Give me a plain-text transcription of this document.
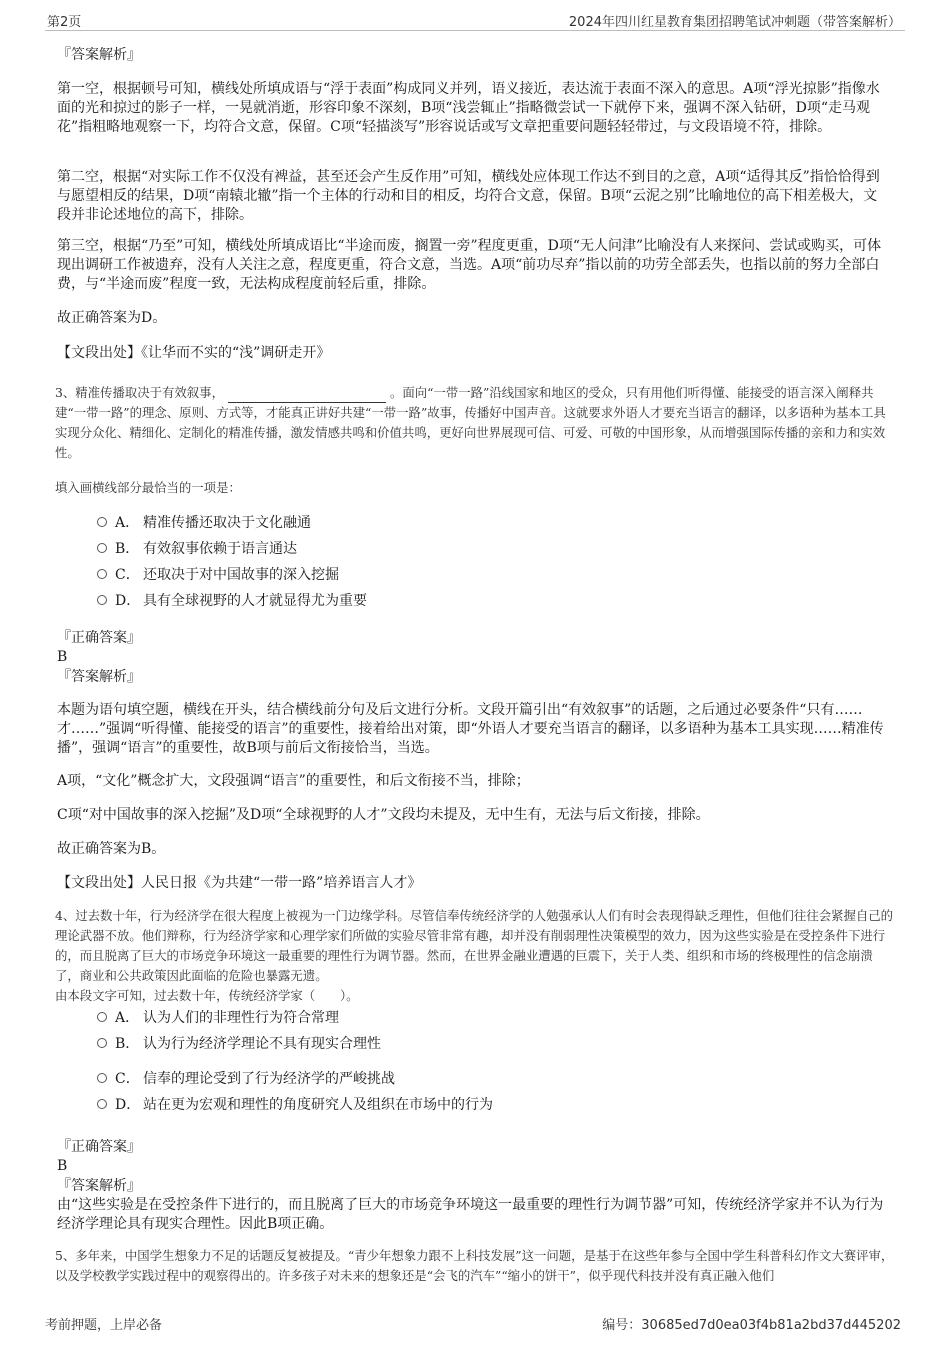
第2页	2024年四川红星教育集团招聘笔试冲刺题（带答案解析）
『答案解析』
第一空，根据顿号可知，横线处所填成语与“浮于表面”构成同义并列，语义接近，表达流于表面不深入的意思。A项“浮光掠影”指像水面的光和掠过的影子一样，一晃就消逝，形容印象不深刻，B项“浅尝辄止”指略微尝试一下就停下来，强调不深入钻研，D项“走马观花”指粗略地观察一下，均符合文意，保留。C项“轻描淡写”形容说话或写文章把重要问题轻轻带过，与文段语境不符，排除。
第二空，根据“对实际工作不仅没有裨益，甚至还会产生反作用”可知，横线处应体现工作达不到目的之意，A项“适得其反”指恰恰得到与愿望相反的结果，D项“南辕北辙”指一个主体的行动和目的相反，均符合文意，保留。B项“云泥之别”比喻地位的高下相差极大，文段并非论述地位的高下，排除。
第三空，根据“乃至”可知，横线处所填成语比“半途而废，搁置一旁”程度更重，D项“无人问津”比喻没有人来探问、尝试或购买，可体现出调研工作被遗弃，没有人关注之意，程度更重，符合文意，当选。A项“前功尽弃”指以前的功劳全部丢失，也指以前的努力全部白费，与“半途而废”程度一致，无法构成程度前轻后重，排除。
故正确答案为D。
【文段出处】《让华而不实的“浅”调研走开》
3、精准传播取决于有效叙事，	。面向“一带一路”沿线国家和地区的受众，只有用他们听得懂、能接受的语言深入阐释共建“一带一路”的理念、原则、方式等，才能真正讲好共建“一带一路”故事，传播好中国声音。这就要求外语人才要充当语言的翻译，以多语种为基本工具实现分众化、精细化、定制化的精准传播，激发情感共鸣和价值共鸣，更好向世界展现可信、可爱、可敬的中国形象，从而增强国际传播的亲和力和实效性。
填入画横线部分最恰当的一项是：
A． 精准传播还取决于文化融通
B． 有效叙事依赖于语言通达
C． 还取决于对中国故事的深入挖掘
D． 具有全球视野的人才就显得尤为重要
『正确答案』
B
『答案解析』
本题为语句填空题，横线在开头，结合横线前分句及后文进行分析。文段开篇引出“有效叙事”的话题，之后通过必要条件“只有……才……”强调“听得懂、能接受的语言”的重要性，接着给出对策，即“外语人才要充当语言的翻译，以多语种为基本工具实现……精准传播”，强调“语言”的重要性，故B项与前后文衔接恰当，当选。
A项，“文化”概念扩大，文段强调“语言”的重要性，和后文衔接不当，排除；
C项“对中国故事的深入挖掘”及D项“全球视野的人才”文段均未提及，无中生有，无法与后文衔接，排除。
故正确答案为B。
【文段出处】人民日报《为共建“一带一路”培养语言人才》
4、过去数十年，行为经济学在很大程度上被视为一门边缘学科。尽管信奉传统经济学的人勉强承认人们有时会表现得缺乏理性，但他们往往会紧握自己的理论武器不放。他们辩称，行为经济学家和心理学家们所做的实验尽管非常有趣，却并没有削弱理性决策模型的效力，因为这些实验是在受控条件下进行的，而且脱离了巨大的市场竞争环境这一最重要的理性行为调节器。然而，在世界金融业遭遇的巨震下，关于人类、组织和市场的终极理性的信念崩溃了，商业和公共政策因此面临的危险也暴露无遗。
由本段文字可知，过去数十年，传统经济学家（　　）。
A． 认为人们的非理性行为符合常理
B． 认为行为经济学理论不具有现实合理性
C． 信奉的理论受到了行为经济学的严峻挑战
D． 站在更为宏观和理性的角度研究人及组织在市场中的行为
『正确答案』
B
『答案解析』
由“这些实验是在受控条件下进行的，而且脱离了巨大的市场竞争环境这一最重要的理性行为调节器”可知，传统经济学家并不认为行为经济学理论具有现实合理性。因此B项正确。
5、多年来，中国学生想象力不足的话题反复被提及。“青少年想象力跟不上科技发展”这一问题，是基于在这些年参与全国中学生科普科幻作文大赛评审，以及学校教学实践过程中的观察得出的。许多孩子对未来的想象还是“会飞的汽车”“缩小的饼干”，似乎现代科技并没有真正融入他们
考前押题，上岸必备	编号：30685ed7d0ea03f4b81a2bd37d445202
